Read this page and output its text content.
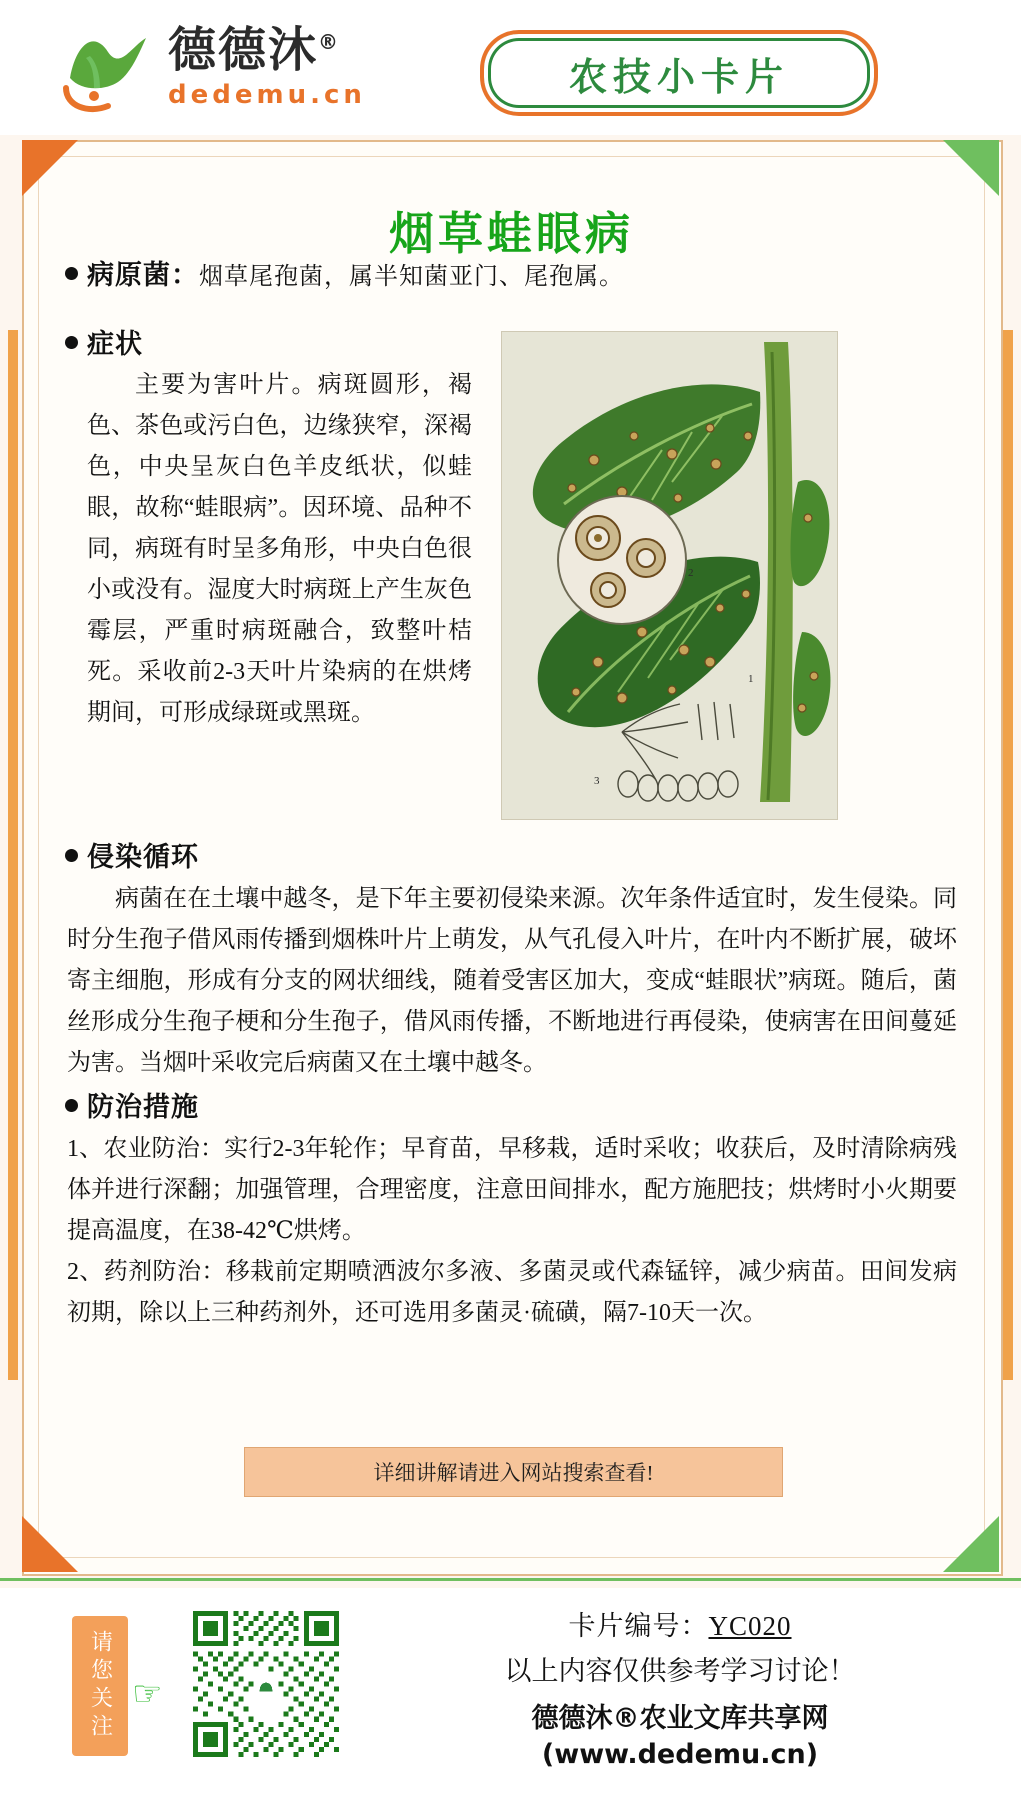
德德沐®
dedemu.cn	农技小卡片
烟草蛙眼病
病原菌：烟草尾孢菌，属半知菌亚门、尾孢属。
症状
主要为害叶片。病斑圆形，褐色、茶色或污白色，边缘狭窄，深褐色，中央呈灰白色羊皮纸状，似蛙眼，故称“蛙眼病”。因环境、品种不同，病斑有时呈多角形，中央白色很小或没有。湿度大时病斑上产生灰色霉层，严重时病斑融合，致整叶桔死。采收前2-3天叶片染病的在烘烤期间，可形成绿斑或黑斑。
2
1
3
侵染循环
病菌在在土壤中越冬，是下年主要初侵染来源。次年条件适宜时，发生侵染。同时分生孢子借风雨传播到烟株叶片上萌发，从气孔侵入叶片，在叶内不断扩展，破坏寄主细胞，形成有分支的网状细线，随着受害区加大，变成“蛙眼状”病斑。随后，菌丝形成分生孢子梗和分生孢子，借风雨传播，不断地进行再侵染，使病害在田间蔓延为害。当烟叶采收完后病菌又在土壤中越冬。
防治措施
1、农业防治：实行2-3年轮作；早育苗，早移栽，适时采收；收获后，及时清除病残体并进行深翻；加强管理，合理密度，注意田间排水，配方施肥技；烘烤时小火期要提高温度，在38-42℃烘烤。
2、药剂防治：移栽前定期喷洒波尔多液、多菌灵或代森锰锌，减少病苗。田间发病初期，除以上三种药剂外，还可选用多菌灵·硫磺，隔7-10天一次。
详细讲解请进入网站搜索查看!
请您关注 ☞
卡片编号：YC020
以上内容仅供参考学习讨论！
德德沐®农业文库共享网
(www.dedemu.cn)
